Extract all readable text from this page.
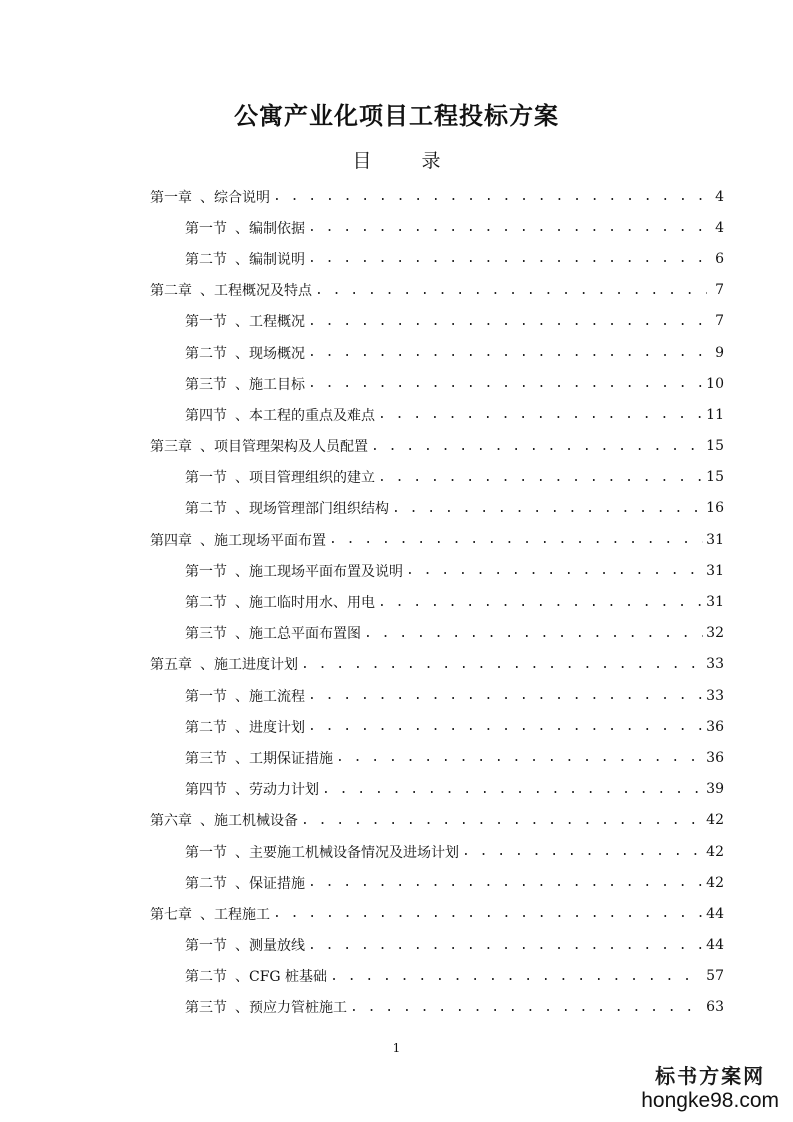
公寓产业化项目工程投标方案
目 录
第一章 、 综合说明 . . .	4
第一节 、 编制依据 . . .	4
第二节 、 编制说明 . . .	6
第二章 、 工程概况及特点 . . .	7
第一节 、 工程概况 . . .	7
第二节 、 现场概况 . . .	9
第三节 、 施工目标 . . .	10
第四节 、 本工程的重点及难点 . . .	11
第三章 、 项目管理架构及人员配置 . . .	15
第一节 、 项目管理组织的建立 . . .	15
第二节 、 现场管理部门组织结构 . . .	16
第四章 、 施工现场平面布置 . . .	31
第一节 、 施工现场平面布置及说明 . . .	31
第二节 、 施工临时用水、用电 . . .	31
第三节 、 施工总平面布置图 . . .	32
第五章 、 施工进度计划 . . .	33
第一节 、 施工流程 . . .	33
第二节 、 进度计划 . . .	36
第三节 、 工期保证措施 . . .	36
第四节 、 劳动力计划 . . .	39
第六章 、 施工机械设备 . . .	42
第一节 、 主要施工机械设备情况及进场计划 . . .	42
第二节 、 保证措施 . . .	42
第七章 、 工程施工 . . .	44
第一节 、 测量放线 . . .	44
第二节 、 CFG 桩基础 . . .	57
第三节 、 预应力管桩施工 . . .	63
1
标书方案网
hongke98.com
